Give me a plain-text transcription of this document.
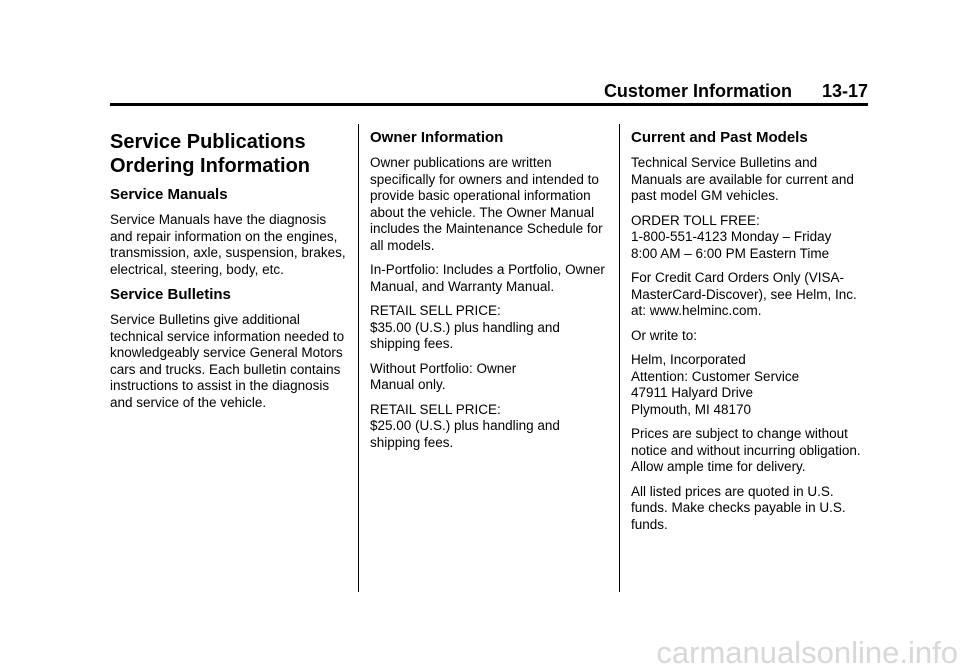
Customer Information 13-17
Service Publications Ordering Information
Service Manuals

Service Manuals have the diagnosis and repair information on the engines, transmission, axle, suspension, brakes, electrical, steering, body, etc.

Service Bulletins

Service Bulletins give additional technical service information needed to knowledgeably service General Motors cars and trucks. Each bulletin contains instructions to assist in the diagnosis and service of the vehicle.

Owner Information

Owner publications are written specifically for owners and intended to provide basic operational information about the vehicle. The Owner Manual includes the Maintenance Schedule for all models.

In-Portfolio: Includes a Portfolio, Owner Manual, and Warranty Manual.

RETAIL SELL PRICE:
$35.00 (U.S.) plus handling and shipping fees.

Without Portfolio: Owner
Manual only.

RETAIL SELL PRICE:
$25.00 (U.S.) plus handling and shipping fees.

Current and Past Models

Technical Service Bulletins and Manuals are available for current and past model GM vehicles.

ORDER TOLL FREE:
1-800-551-4123 Monday – Friday
8:00 AM – 6:00 PM Eastern Time

For Credit Card Orders Only (VISA-MasterCard-Discover), see Helm, Inc. at: www.helminc.com.

Or write to:

Helm, Incorporated
Attention: Customer Service
47911 Halyard Drive
Plymouth, MI 48170

Prices are subject to change without notice and without incurring obligation. Allow ample time for delivery.

All listed prices are quoted in U.S. funds. Make checks payable in U.S. funds.

carmanualsonline.info
